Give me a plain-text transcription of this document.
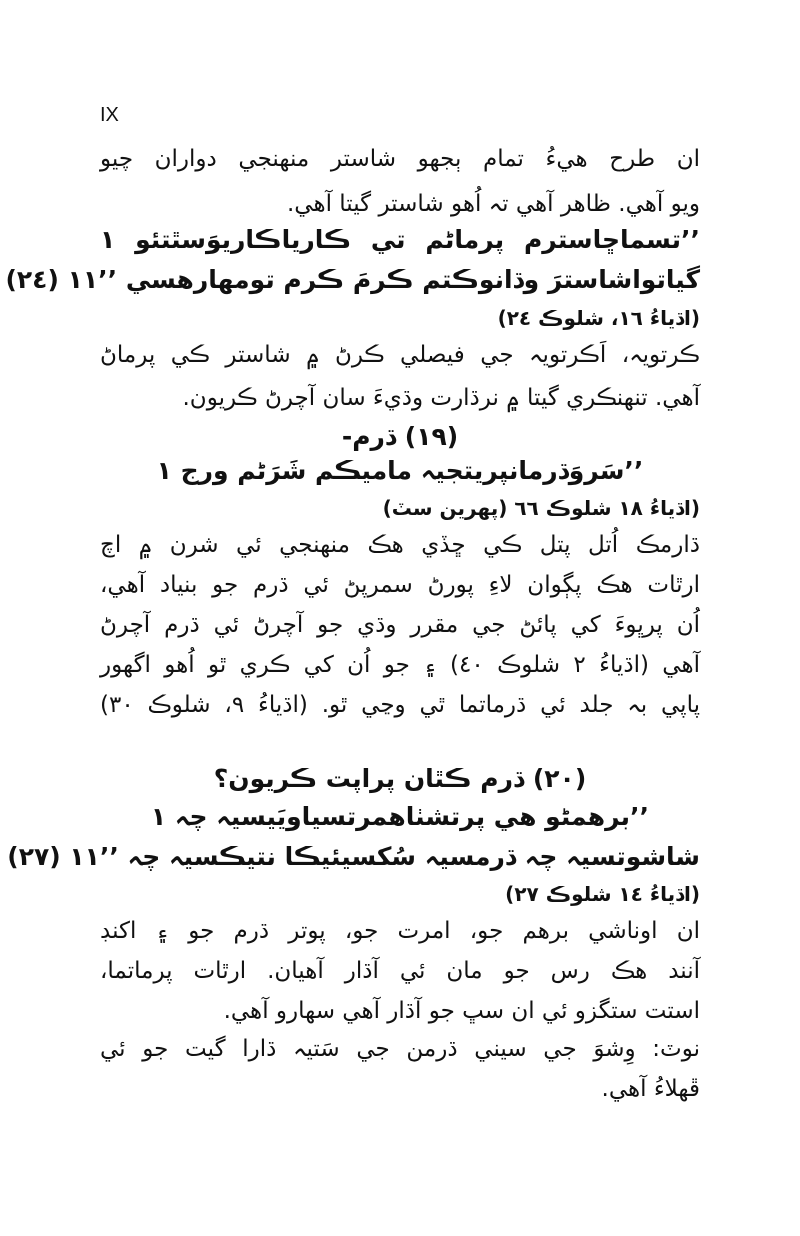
IX
ان طرح هيءُ تمام ٻجهو شاستر منهنجي دواران چيو
ويو آهي. ظاهر آهي تہ اُهو شاستر گيتا آهي.
’’تسماڇاسترم پرماڻم تي ڪارياڪاريوَسٿتئو ١
گياتواشاسترَ وڌانوڪتم ڪرمَ ڪرم تومهارهسي ’’١١ (٢٤)
(اڌياءُ ١٦، شلوڪ ٢٤)
ڪرتويہ، اَڪرتويہ جي فيصلي ڪرڻ ۾ شاستر ڪي پرماڻ
آهي. تنهنڪري گيتا ۾ نرڌارت وڌيءَ سان آچرڻ ڪريون.
(١٩) ڌرم-
’’سَروَڌرمانپريتجيہ ماميڪم شَرَڻم ورج ١
(اڌياءُ ١٨ شلوڪ ٦٦ (پهرين سٽ)
ڌارمڪ اُتل پتل ڪي ڇڏي هڪ منهنجي ئي شرن ۾ اچ
ارٿات هڪ پڳوان لاءِ پورڻ سمرپڻ ئي ڌرم جو بنياد آهي،
اُن پرڀوءَ کي پائڻ جي مقرر وڌي جو آچرڻ ئي ڌرم آچرڻ
آهي (اڌياءُ ٢ شلوڪ ٤٠) ۽ جو اُن کي ڪري ٿو اُهو اگهور
پاپي بہ جلد ئي ڌرماتما ٿي وڃي ٿو. (اڌياءُ ٩، شلوڪ ٣٠)
(٢٠) ڌرم ڪٿان پراپت ڪريون؟
’’برهمڻو هي پرتشٺاهمرتسياويَيسيہ چہ ١
شاشوتسيہ چہ ڌرمسيہ سُکسيئيڪا نتيڪسيہ چہ ’’١١ (٢٧)
(اڌياءُ ١٤ شلوڪ ٢٧)
ان اوناشي برهم جو، امرت جو، پوتر ڌرم جو ۽ اکنڊ
آنند هڪ رس جو مان ئي آڌار آهيان. ارٿات پرماتما،
استت ستگزو ئي ان سڀ جو آڌار آهي سهارو آهي.
نوٽ: وِشوَ جي سيني ڌرمن جي سَتيہ ڌارا گيت جو ئي
ڦهلاءُ آهي.
